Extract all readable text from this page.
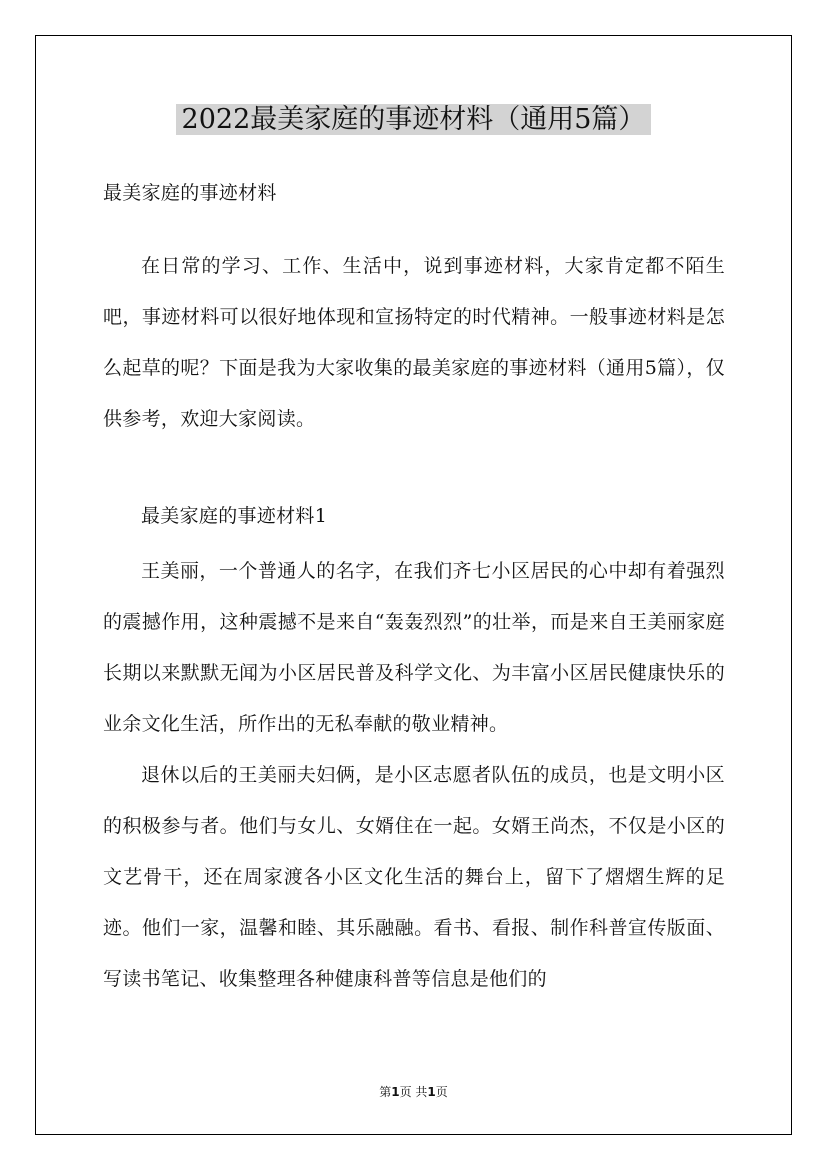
2022最美家庭的事迹材料（通用5篇）

最美家庭的事迹材料

在日常的学习、工作、生活中，说到事迹材料，大家肯定都不陌生吧，事迹材料可以很好地体现和宣扬特定的时代精神。一般事迹材料是怎么起草的呢？下面是我为大家收集的最美家庭的事迹材料（通用5篇），仅供参考，欢迎大家阅读。

最美家庭的事迹材料1

王美丽，一个普通人的名字，在我们齐七小区居民的心中却有着强烈的震撼作用，这种震撼不是来自“轰轰烈烈”的壮举，而是来自王美丽家庭长期以来默默无闻为小区居民普及科学文化、为丰富小区居民健康快乐的业余文化生活，所作出的无私奉献的敬业精神。

退休以后的王美丽夫妇俩，是小区志愿者队伍的成员，也是文明小区的积极参与者。他们与女儿、女婿住在一起。女婿王尚杰，不仅是小区的文艺骨干，还在周家渡各小区文化生活的舞台上，留下了熠熠生辉的足迹。他们一家，温馨和睦、其乐融融。看书、看报、制作科普宣传版面、写读书笔记、收集整理各种健康科普等信息是他们的

第1页 共1页
